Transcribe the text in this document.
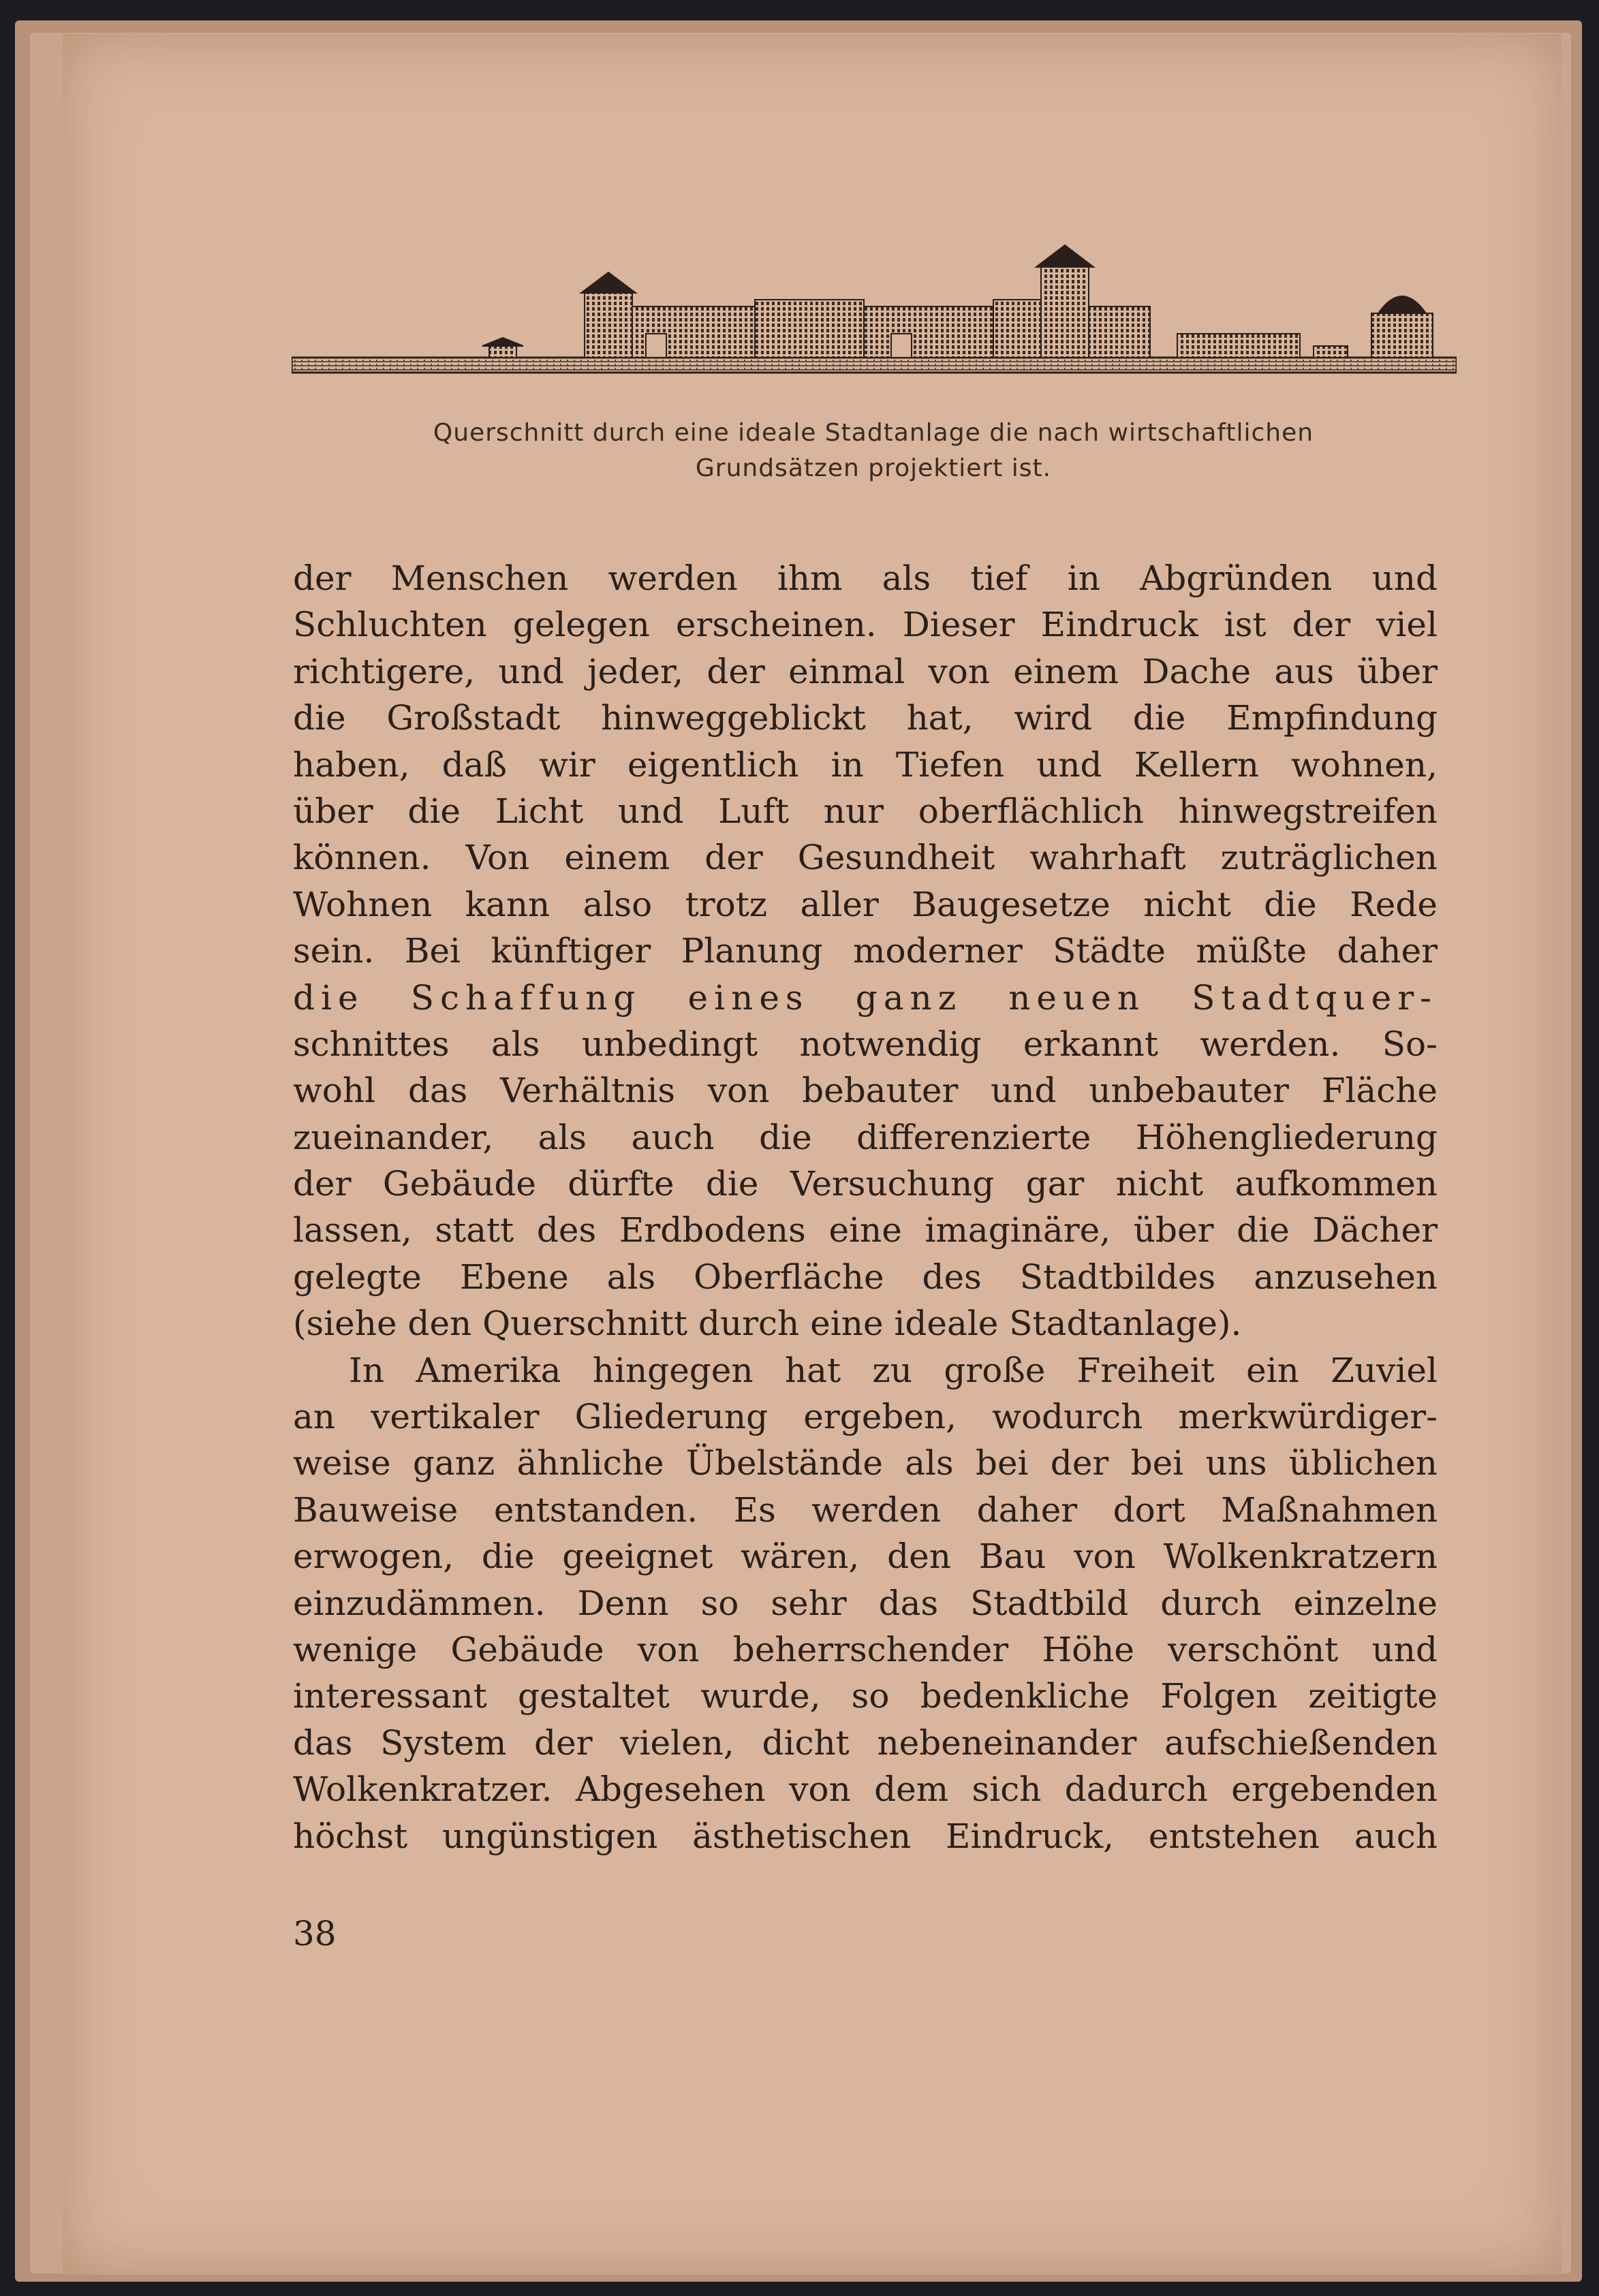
Querschnitt durch eine ideale Stadtanlage die nach wirtschaftlichen
Grundsätzen projektiert ist.
der Menschen werden ihm als tief in Abgründen und
Schluchten gelegen erscheinen. Dieser Eindruck ist der viel
richtigere, und jeder, der einmal von einem Dache aus über
die Großstadt hinweggeblickt hat, wird die Empfindung
haben, daß wir eigentlich in Tiefen und Kellern wohnen,
über die Licht und Luft nur oberflächlich hinwegstreifen
können. Von einem der Gesundheit wahrhaft zuträglichen
Wohnen kann also trotz aller Baugesetze nicht die Rede
sein. Bei künftiger Planung moderner Städte müßte daher
die Schaffung eines ganz neuen Stadtquer-
schnittes als unbedingt notwendig erkannt werden. So-
wohl das Verhältnis von bebauter und unbebauter Fläche
zueinander, als auch die differenzierte Höhengliederung
der Gebäude dürfte die Versuchung gar nicht aufkommen
lassen, statt des Erdbodens eine imaginäre, über die Dächer
gelegte Ebene als Oberfläche des Stadtbildes anzusehen
(siehe den Querschnitt durch eine ideale Stadtanlage).
In Amerika hingegen hat zu große Freiheit ein Zuviel
an vertikaler Gliederung ergeben, wodurch merkwürdiger-
weise ganz ähnliche Übelstände als bei der bei uns üblichen
Bauweise entstanden. Es werden daher dort Maßnahmen
erwogen, die geeignet wären, den Bau von Wolkenkratzern
einzudämmen. Denn so sehr das Stadtbild durch einzelne
wenige Gebäude von beherrschender Höhe verschönt und
interessant gestaltet wurde, so bedenkliche Folgen zeitigte
das System der vielen, dicht nebeneinander aufschießenden
Wolkenkratzer. Abgesehen von dem sich dadurch ergebenden
höchst ungünstigen ästhetischen Eindruck, entstehen auch
38
